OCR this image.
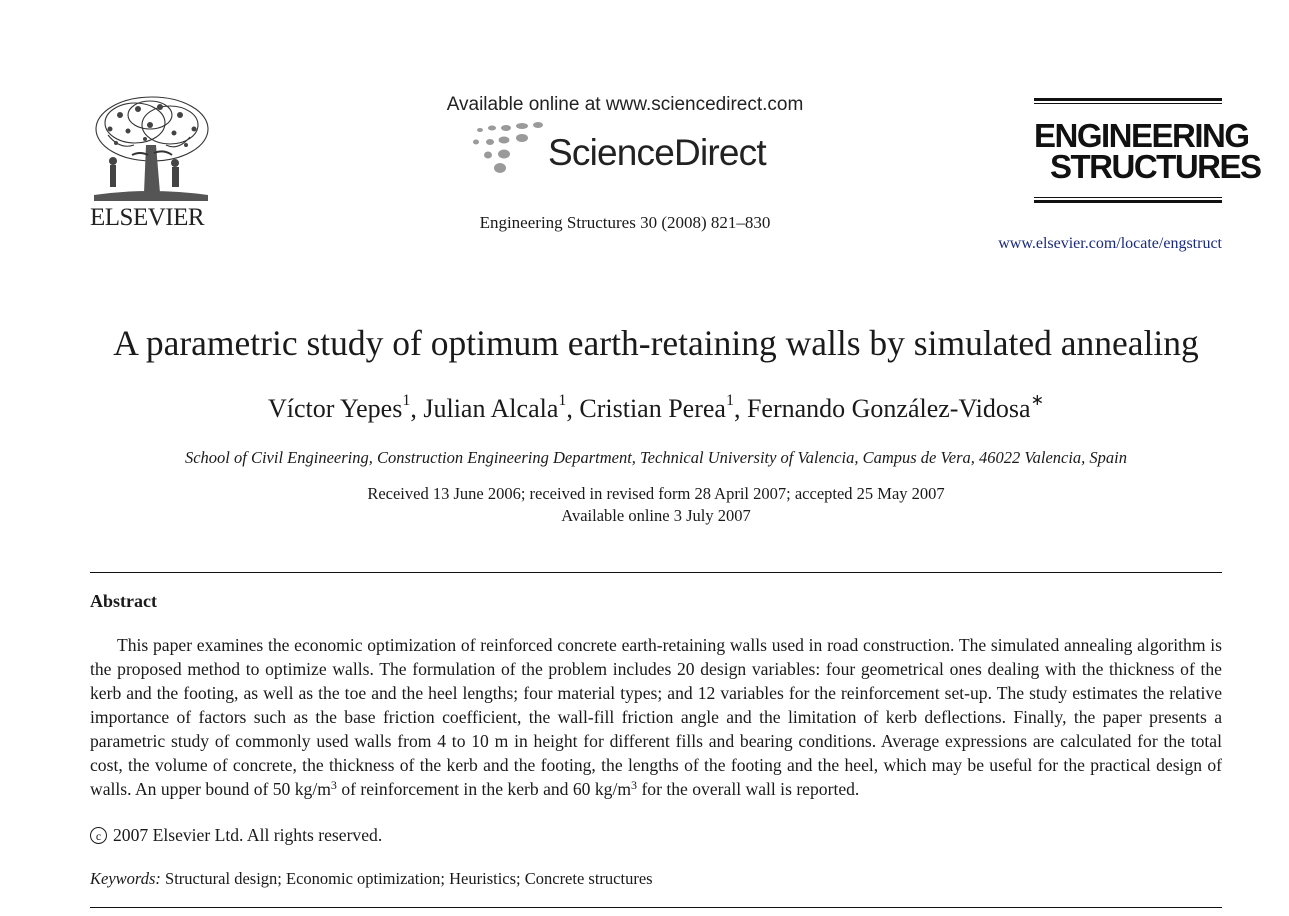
ELSEVIER
Available online at www.sciencedirect.com
ScienceDirect
Engineering Structures 30 (2008) 821–830
ENGINEERING
STRUCTURES
www.elsevier.com/locate/engstruct
A parametric study of optimum earth-retaining walls by simulated annealing
Víctor Yepes$^1$, Julian Alcala$^1$, Cristian Perea$^1$, Fernando González-Vidosa∗
School of Civil Engineering, Construction Engineering Department, Technical University of Valencia, Campus de Vera, 46022 Valencia, Spain
Received 13 June 2006; received in revised form 28 April 2007; accepted 25 May 2007
Available online 3 July 2007
Abstract
This paper examines the economic optimization of reinforced concrete earth-retaining walls used in road construction. The simulated annealing algorithm is the proposed method to optimize walls. The formulation of the problem includes 20 design variables: four geometrical ones dealing with the thickness of the kerb and the footing, as well as the toe and the heel lengths; four material types; and 12 variables for the reinforcement set-up. The study estimates the relative importance of factors such as the base friction coefficient, the wall-fill friction angle and the limitation of kerb deflections. Finally, the paper presents a parametric study of commonly used walls from 4 to 10 m in height for different fills and bearing conditions. Average expressions are calculated for the total cost, the volume of concrete, the thickness of the kerb and the footing, the lengths of the footing and the heel, which may be useful for the practical design of walls. An upper bound of 50 $kg/m^3$ of reinforcement in the kerb and 60 $kg/m^3$ for the overall wall is reported.
c 2007 Elsevier Ltd. All rights reserved.
Keywords: Structural design; Economic optimization; Heuristics; Concrete structures
